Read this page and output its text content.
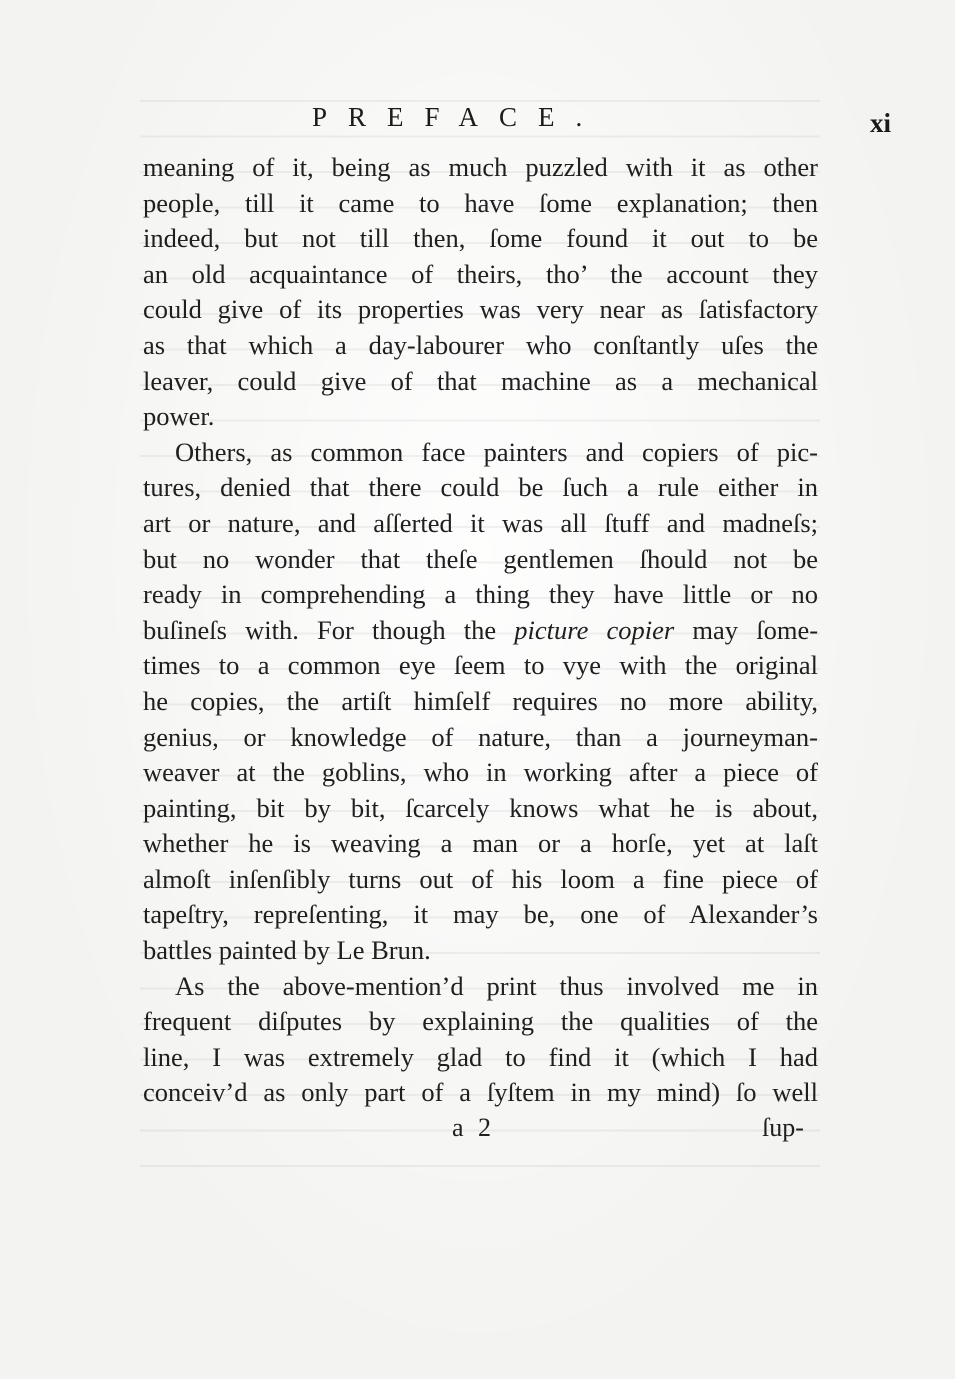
PREFACE.	xi
meaning of it, being as much puzzled with it as other
people, till it came to have ſome explanation; then
indeed, but not till then, ſome found it out to be
an old acquaintance of theirs, tho’ the account they
could give of its properties was very near as ſatisfactory
as that which a day-labourer who conſtantly uſes the
leaver, could give of that machine as a mechanical
power.
Others, as common face painters and copiers of pic-
tures, denied that there could be ſuch a rule either in
art or nature, and aſſerted it was all ſtuff and madneſs;
but no wonder that theſe gentlemen ſhould not be
ready in comprehending a thing they have little or no
buſineſs with. For though the picture copier may ſome-
times to a common eye ſeem to vye with the original
he copies, the artiſt himſelf requires no more ability,
genius, or knowledge of nature, than a journeyman-
weaver at the goblins, who in working after a piece of
painting, bit by bit, ſcarcely knows what he is about,
whether he is weaving a man or a horſe, yet at laſt
almoſt inſenſibly turns out of his loom a fine piece of
tapeſtry, repreſenting, it may be, one of Alexander’s
battles painted by Le Brun.
As the above-mention’d print thus involved me in
frequent diſputes by explaining the qualities of the
line, I was extremely glad to find it (which I had
conceiv’d as only part of a ſyſtem in my mind) ſo well
a 2	ſup-
